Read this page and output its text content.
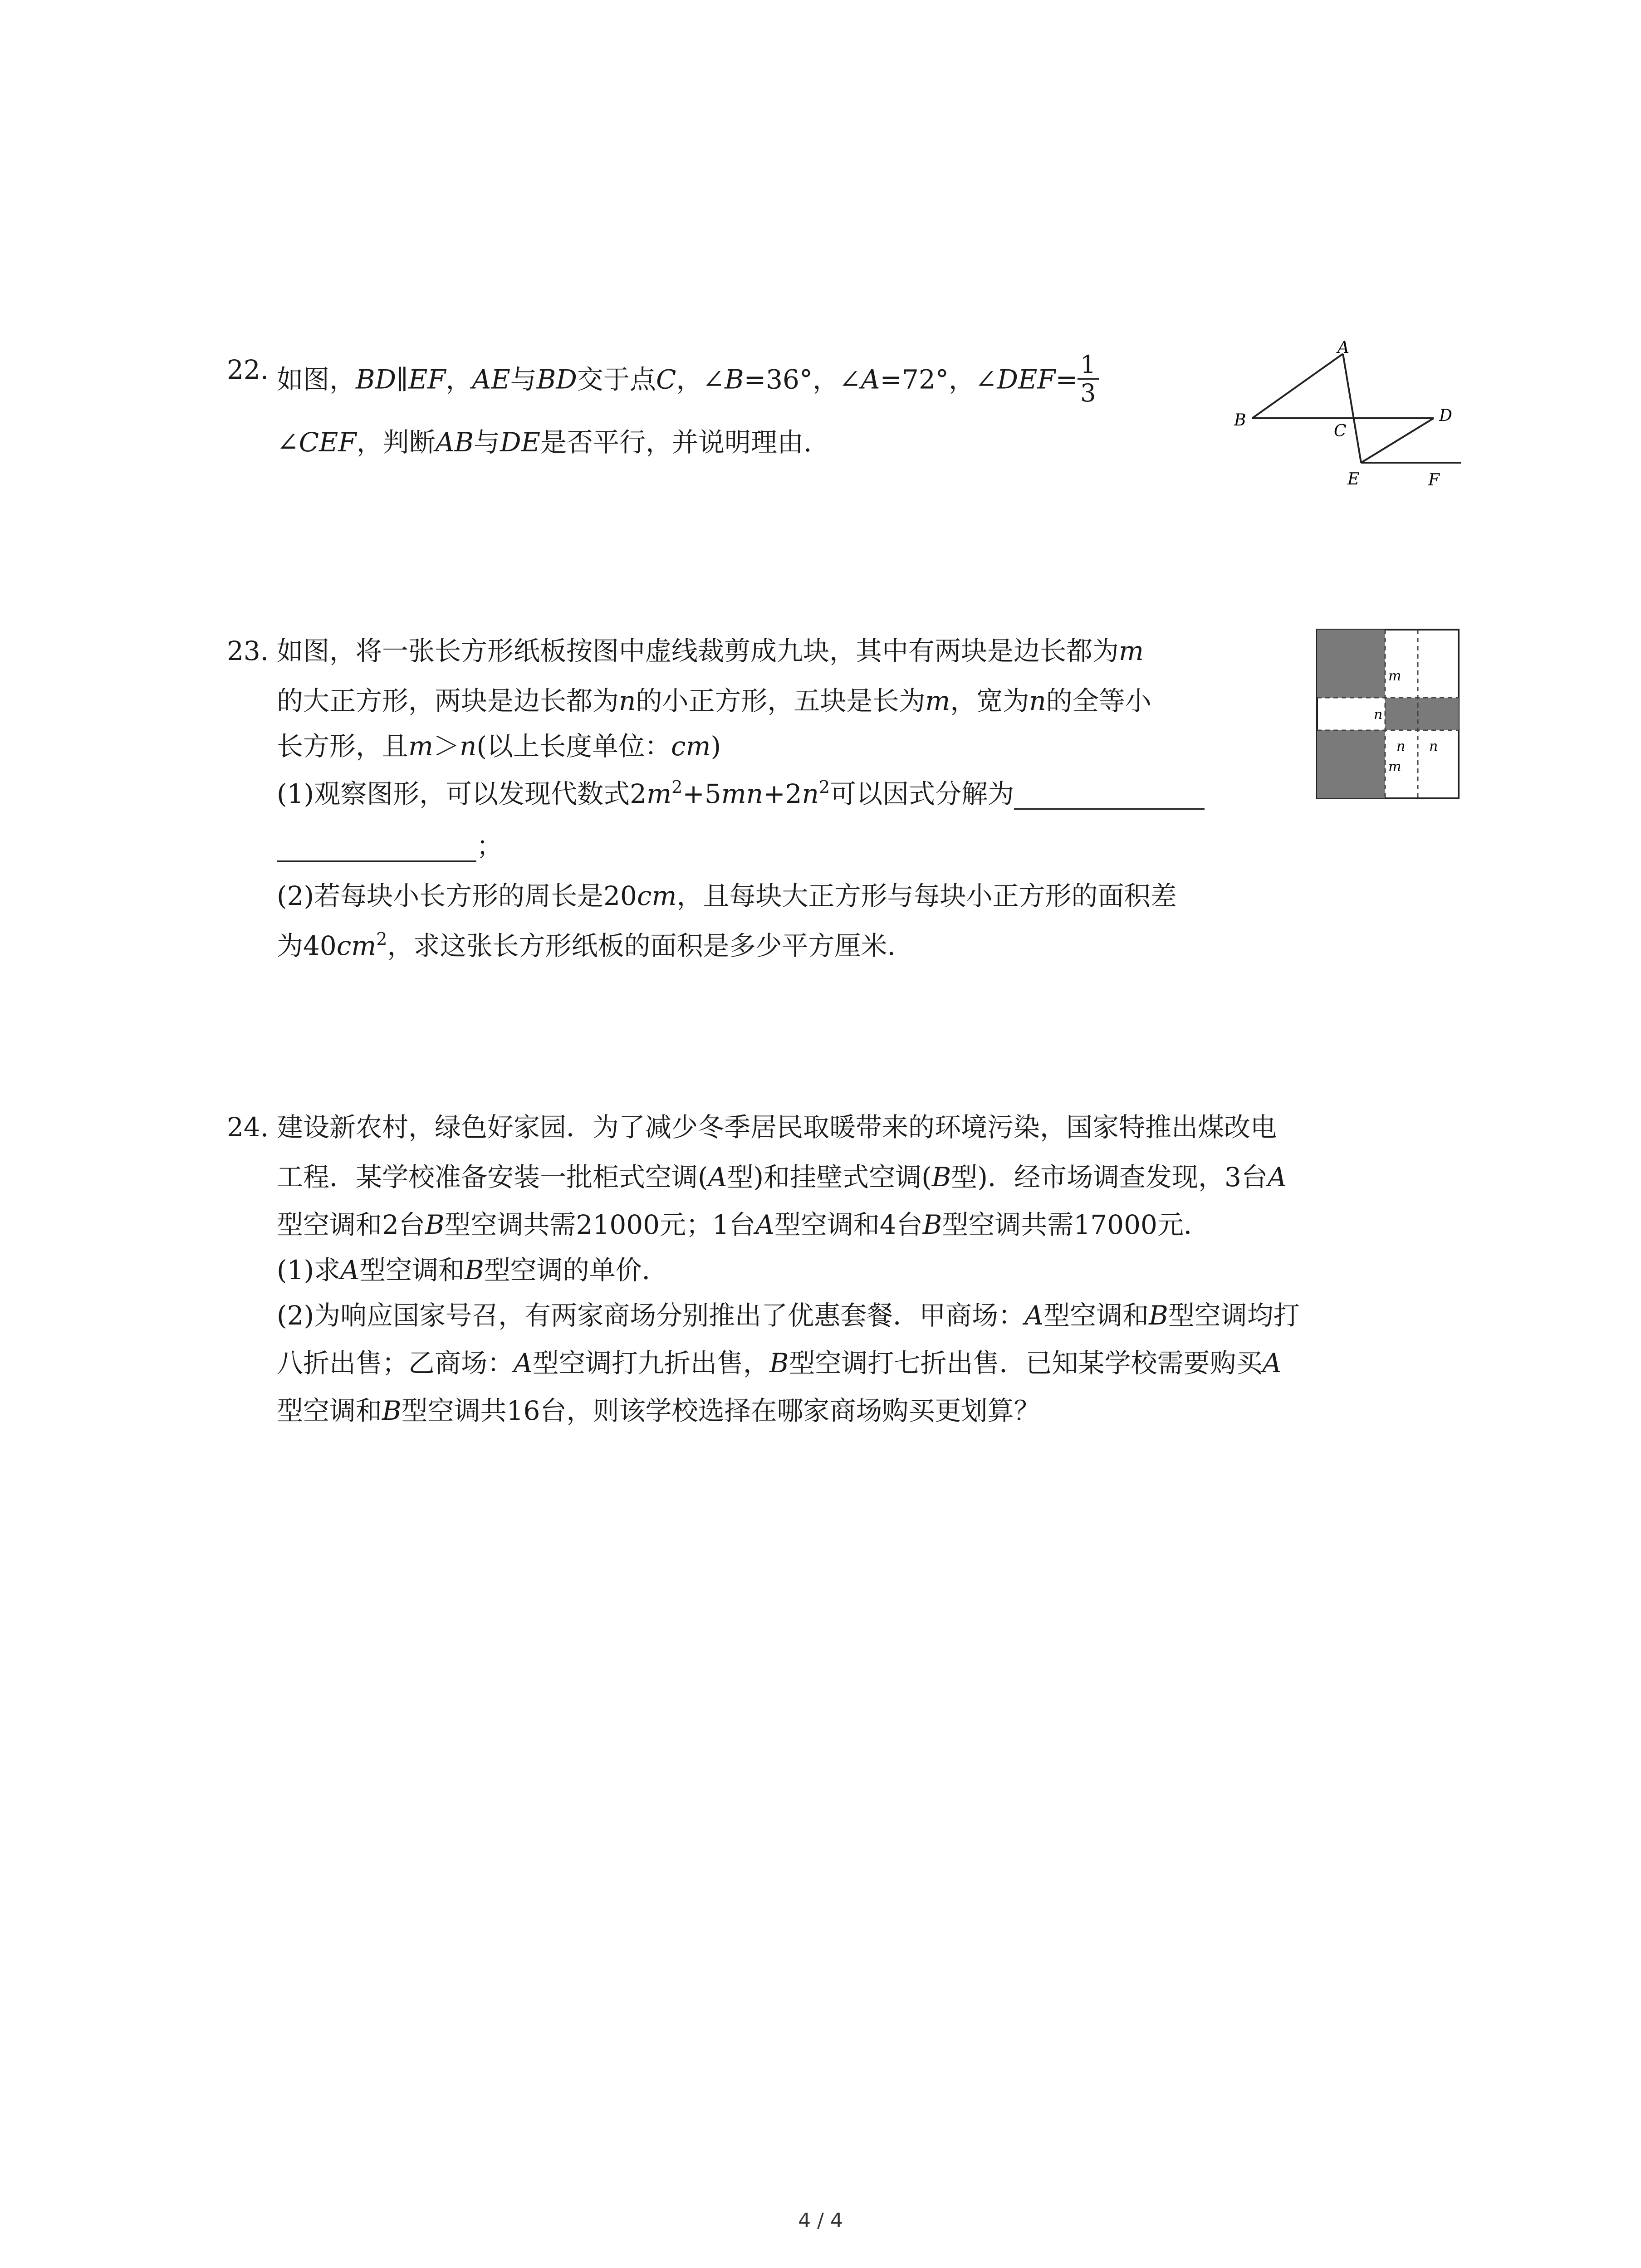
22. 如图，BD∥EF，AE与BD交于点C，∠B=36°，∠A=72°，∠DEF= $\frac{1}{3}$
∠CEF，判断AB与DE是否平行，并说明理由.
A
B
C
D
E	F
23. 如图，将一张长方形纸板按图中虚线裁剪成九块，其中有两块是边长都为m
的大正方形，两块是边长都为n的小正方形，五块是长为m，宽为n的全等小
长方形，且m＞n(以上长度单位：cm)
(1)观察图形，可以发现代数式$2m^2+5mn+2n^2$可以因式分解为
；
(2)若每块小长方形的周长是20cm，且每块大正方形与每块小正方形的面积差
为$40cm^2$，求这张长方形纸板的面积是多少平方厘米.
m
n
n n
m
24. 建设新农村，绿色好家园．为了减少冬季居民取暖带来的环境污染，国家特推出煤改电
工程．某学校准备安装一批柜式空调(A型)和挂壁式空调(B型)．经市场调查发现，3台A
型空调和2台B型空调共需21000元；1台A型空调和4台B型空调共需17000元．
(1)求A型空调和B型空调的单价．
(2)为响应国家号召，有两家商场分别推出了优惠套餐．甲商场：A型空调和B型空调均打
八折出售；乙商场：A型空调打九折出售，B型空调打七折出售．已知某学校需要购买A
型空调和B型空调共16台，则该学校选择在哪家商场购买更划算？
4 / 4
